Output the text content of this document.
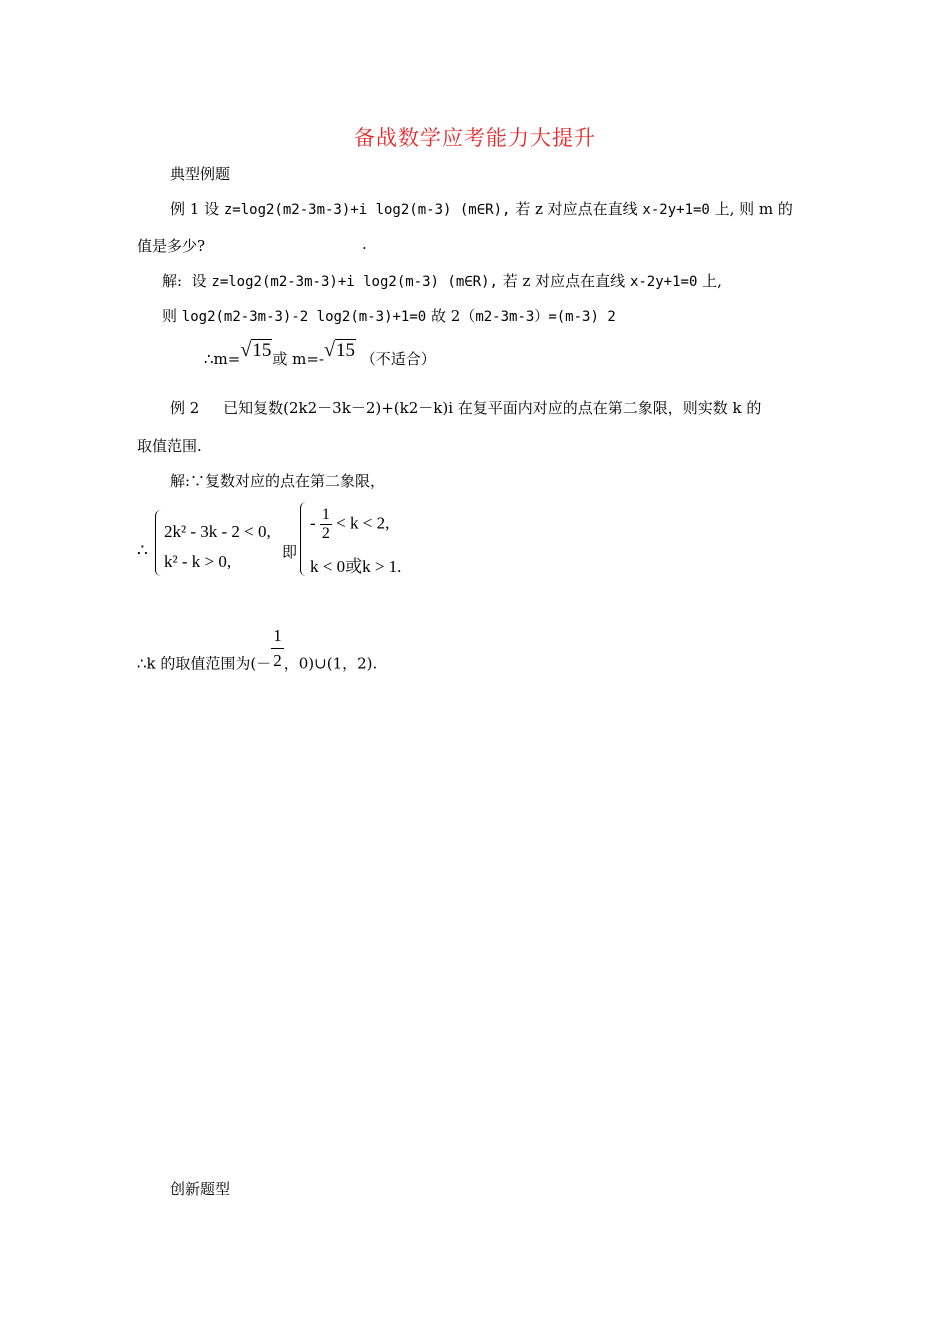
备战数学应考能力大提升
典型例题
例 1 设 z=log2(m2-3m-3)+i log2(m-3) (m∈R), 若 z 对应点在直线 x-2y+1=0 上, 则 m 的
值是多少?	.
解: 设 z=log2(m2-3m-3)+i log2(m-3) (m∈R), 若 z 对应点在直线 x-2y+1=0 上,
则 log2(m2-3m-3)-2 log2(m-3)+1=0 故 2（m2-3m-3）=(m-3) 2
∴m=√15或 m=-√15 （不适合）
例 2 已知复数(2k2－3k－2)+(k2－k)i 在复平面内对应的点在第二象限，则实数 k 的
取值范围.
解:∵复数对应的点在第二象限，
∴
2k² - 3k - 2 < 0,
k² - k > 0,	即
- $\frac{1}{2} < k < 2$,
k < 0或k > 1.
∴k 的取值范围为(－ $\frac{1}{2}$ ，0)∪(1，2).
创新题型
